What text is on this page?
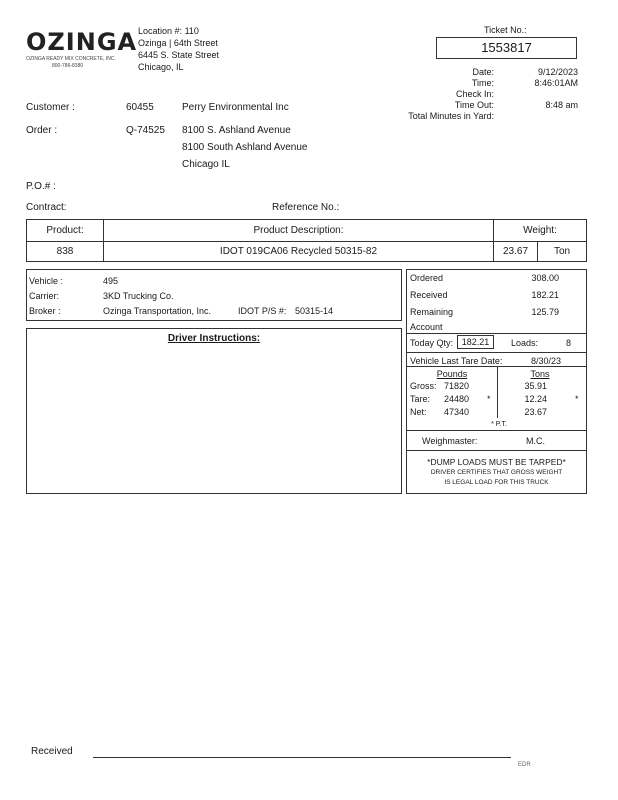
OZINGA
OZINGA READY MIX CONCRETE, INC.
800-786-8380
Location #: 110
Ozinga | 64th Street
6445 S. State Street
Chicago, IL
Ticket No.:
1553817
Date:	9/12/2023
Time:	8:46:01AM
Check In:
Time Out:	8:48 am
Total Minutes in Yard:
Customer :	60455	Perry Environmental Inc
Order :	Q-74525 8100 S. Ashland Avenue
8100 South Ashland Avenue
Chicago IL
P.O.# :
Contract:	Reference No.:
Product:	Product Description:	Weight:
838	IDOT 019CA06 Recycled 50315-82	23.67	Ton
Vehicle :	495
Carrier:	3KD Trucking Co.
Broker :	Ozinga Transportation, Inc.	IDOT P/S #: 50315-14
Driver Instructions:
Ordered	308.00
Received	182.21
Remaining	125.79
Account
Today Qty: 182.21	Loads:	8
Vehicle Last Tare Date:	8/30/23
Pounds	Tons
Gross: 71820	35.91
Tare:	24480 *	12.24	*
Net:	47340	23.67
* P.T.
Weighmaster:	M.C.
*DUMP LOADS MUST BE TARPED*
DRIVER CERTIFIES THAT GROSS WEIGHT
IS LEGAL LOAD FOR THIS TRUCK
Received
EDR
